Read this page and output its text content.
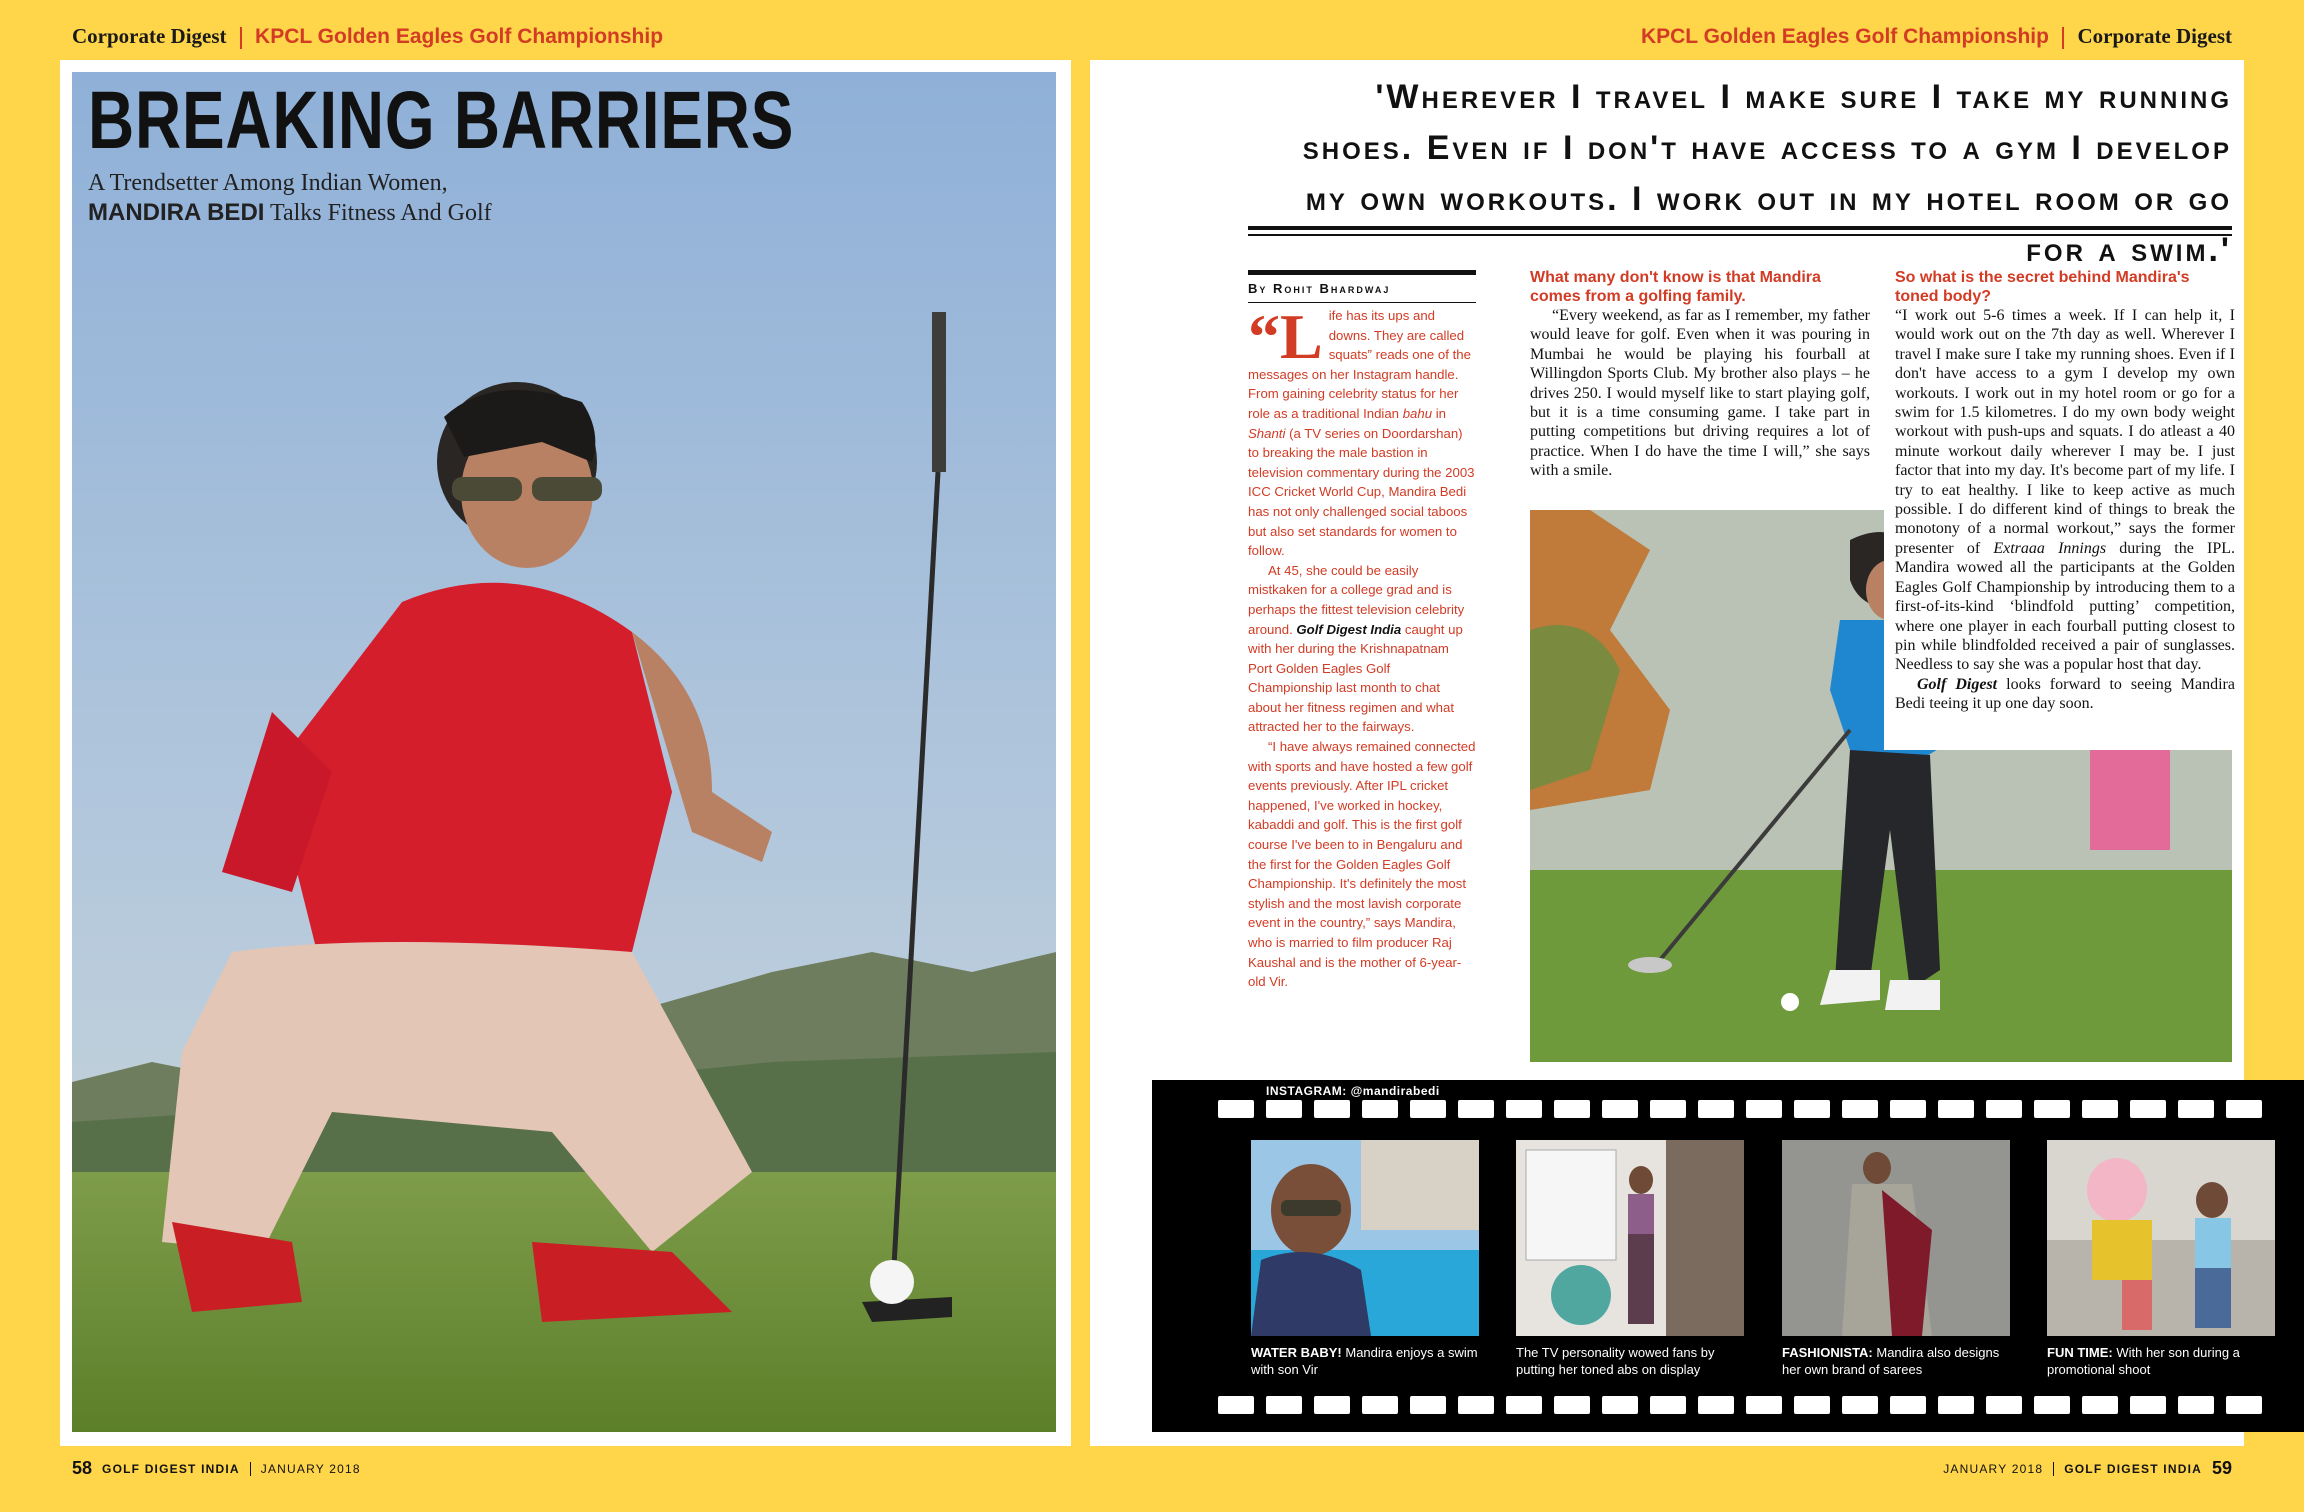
Corporate Digest KPCL Golden Eagles Golf Championship	KPCL Golden Eagles Golf Championship Corporate Digest
BREAKING BARRIERS
A Trendsetter Among Indian Women,
MANDIRA BEDI Talks Fitness And Golf
'Wherever I travel I make sure I take my running shoes. Even if I don't have access to a gym I develop my own workouts. I work out in my hotel room or go for a swim.'
By Rohit Bhardwaj

“Life has its ups and downs. They are called squats” reads one of the messages on her Instagram handle. From gaining celebrity status for her role as a traditional Indian bahu in Shanti (a TV series on Doordarshan) to breaking the male bastion in television commentary during the 2003 ICC Cricket World Cup, Mandira Bedi has not only challenged social taboos but also set standards for women to follow.

At 45, she could be easily mistkaken for a college grad and is perhaps the fittest television celebrity around. Golf Digest India caught up with her during the Krishnapatnam Port Golden Eagles Golf Championship last month to chat about her fitness regimen and what attracted her to the fairways.

“I have always remained connected with sports and have hosted a few golf events previously. After IPL cricket happened, I've worked in hockey, kabaddi and golf. This is the first golf course I've been to in Bengaluru and the first for the Golden Eagles Golf Championship. It's definitely the most stylish and the most lavish corporate event in the country,” says Mandira, who is married to film producer Raj Kaushal and is the mother of 6-year-old Vir.

What many don't know is that Mandira comes from a golfing family.

“Every weekend, as far as I remember, my father would leave for golf. Even when it was pouring in Mumbai he would be playing his fourball at Willingdon Sports Club. My brother also plays – he drives 250. I would myself like to start playing golf, but it is a time consuming game. I take part in putting competitions but driving requires a lot of practice. When I do have the time I will,” she says with a smile.

So what is the secret behind Mandira's toned body?

“I work out 5-6 times a week. If I can help it, I would work out on the 7th day as well. Wherever I travel I make sure I take my running shoes. Even if I don't have access to a gym I develop my own workouts. I work out in my hotel room or go for a swim for 1.5 kilometres. I do my own body weight workout with push-ups and squats. I do atleast a 40 minute workout daily wherever I may be. I just factor that into my day. It's become part of my life. I try to eat healthy. I like to keep active as much possible. I do different kind of things to break the monotony of a normal workout,” says the former presenter of Extraaa Innings during the IPL. Mandira wowed all the participants at the Golden Eagles Golf Championship by introducing them to a first-of-its-kind ‘blindfold putting’ competition, where one player in each fourball putting closest to pin while blindfolded received a pair of sunglasses. Needless to say she was a popular host that day.

Golf Digest looks forward to seeing Mandira Bedi teeing it up one day soon.

INSTAGRAM: @mandirabedi
WATER BABY! Mandira enjoys a swim with son Vir
The TV personality wowed fans by putting her toned abs on display
FASHIONISTA: Mandira also designs her own brand of sarees
FUN TIME: With her son during a promotional shoot
58 GOLF DIGEST INDIA JANUARY 2018	JANUARY 2018 GOLF DIGEST INDIA 59
